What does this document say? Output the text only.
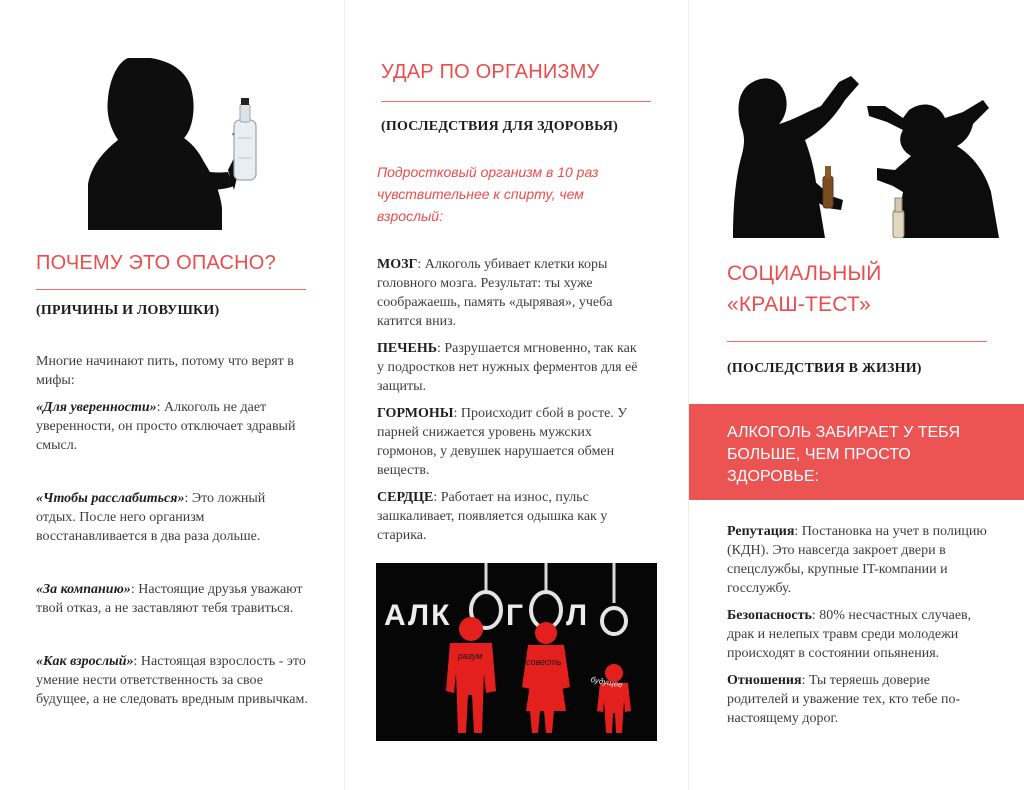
ПОЧЕМУ ЭТО ОПАСНО?
(ПРИЧИНЫ И ЛОВУШКИ)

Многие начинают пить, потому что верят в мифы:

«Для уверенности»: Алкоголь не дает уверенности, он просто отключает здравый смысл.

«Чтобы расслабиться»: Это ложный отдых. После него организм восстанавливается в два раза дольше.

«За компанию»: Настоящие друзья уважают твой отказ, а не заставляют тебя травиться.

«Как взрослый»: Настоящая взрослость - это умение нести ответственность за свое будущее, а не следовать вредным привычкам.

УДАР ПО ОРГАНИЗМУ
(ПОСЛЕДСТВИЯ ДЛЯ ЗДОРОВЬЯ)
Подростковый организм в 10 раз чувствительнее к спирту, чем взрослый:

МОЗГ: Алкоголь убивает клетки коры головного мозга. Результат: ты хуже соображаешь, память «дырявая», учеба катится вниз.

ПЕЧЕНЬ: Разрушается мгновенно, так как у подростков нет нужных ферментов для её защиты.

ГОРМОНЫ: Происходит сбой в росте. У парней снижается уровень мужских гормонов, у девушек нарушается обмен веществ.

СЕРДЦЕ: Работает на износ, пульс зашкаливает, появляется одышка как у старика.

АЛК Г Л
разум
совесть
будущее
СОЦИАЛЬНЫЙ
«КРАШ-ТЕСТ»
(ПОСЛЕДСТВИЯ В ЖИЗНИ)

Репутация: Постановка на учет в полицию (КДН). Это навсегда закроет двери в спецслужбы, крупные IT-компании и госслужбу.

Безопасность: 80% несчастных случаев, драк и нелепых травм среди молодежи происходят в состоянии опьянения.

Отношения: Ты теряешь доверие родителей и уважение тех, кто тебе по-настоящему дорог.

АЛКОГОЛЬ ЗАБИРАЕТ У ТЕБЯ БОЛЬШЕ, ЧЕМ ПРОСТО ЗДОРОВЬЕ:
